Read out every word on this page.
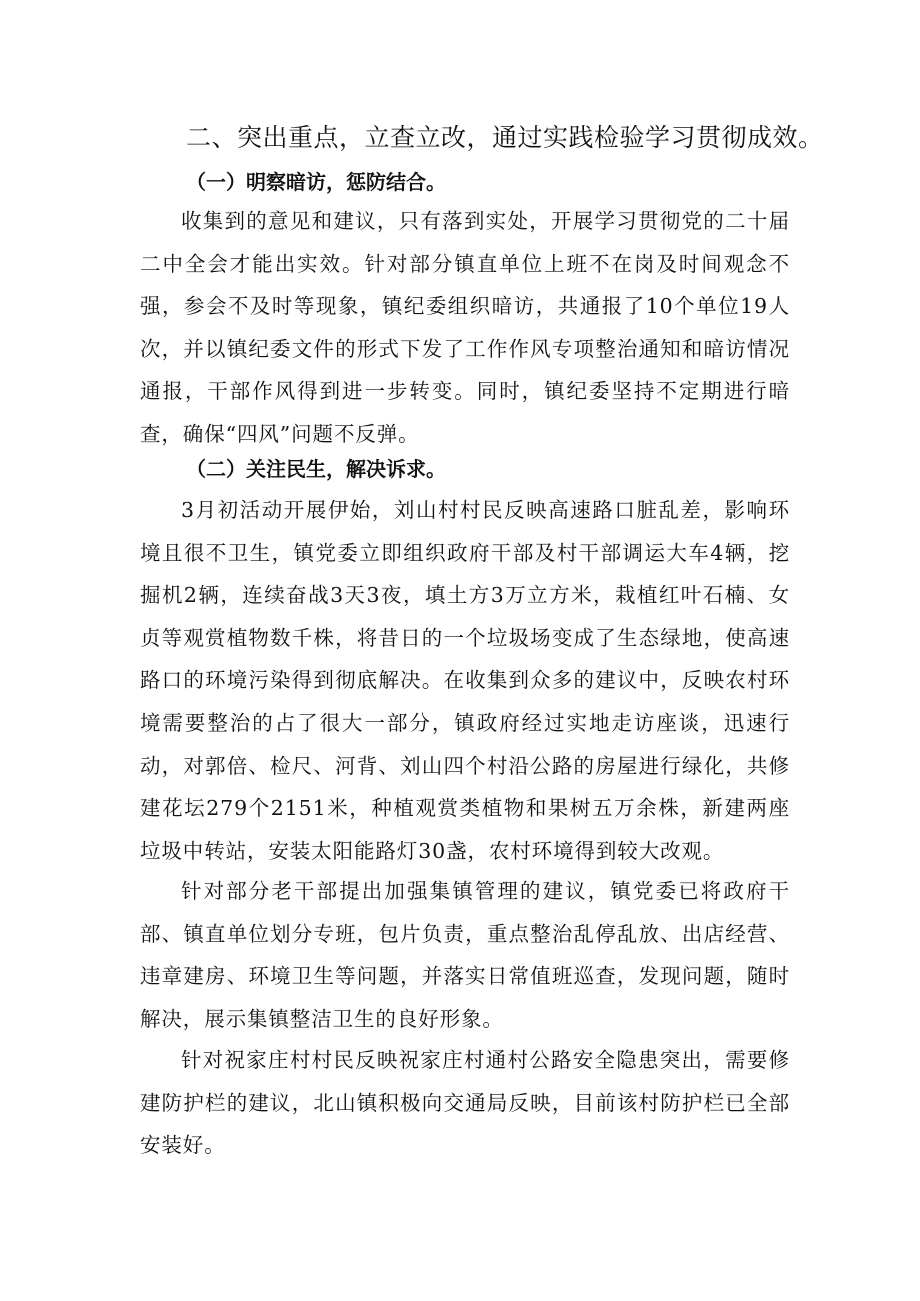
二、突出重点，立查立改，通过实践检验学习贯彻成效。
（一）明察暗访，惩防结合。

收集到的意见和建议，只有落到实处，开展学习贯彻党的二十届二中全会才能出实效。针对部分镇直单位上班不在岗及时间观念不强，参会不及时等现象，镇纪委组织暗访，共通报了10个单位19人次，并以镇纪委文件的形式下发了工作作风专项整治通知和暗访情况通报，干部作风得到进一步转变。同时，镇纪委坚持不定期进行暗查，确保“四风”问题不反弹。

（二）关注民生，解决诉求。

3月初活动开展伊始，刘山村村民反映高速路口脏乱差，影响环境且很不卫生，镇党委立即组织政府干部及村干部调运大车4辆，挖掘机2辆，连续奋战3天3夜，填土方3万立方米，栽植红叶石楠、女贞等观赏植物数千株，将昔日的一个垃圾场变成了生态绿地，使高速路口的环境污染得到彻底解决。在收集到众多的建议中，反映农村环境需要整治的占了很大一部分，镇政府经过实地走访座谈，迅速行动，对郭倍、检尺、河背、刘山四个村沿公路的房屋进行绿化，共修建花坛279个2151米，种植观赏类植物和果树五万余株，新建两座垃圾中转站，安装太阳能路灯30盏，农村环境得到较大改观。

针对部分老干部提出加强集镇管理的建议，镇党委已将政府干部、镇直单位划分专班，包片负责，重点整治乱停乱放、出店经营、违章建房、环境卫生等问题，并落实日常值班巡查，发现问题，随时解决，展示集镇整洁卫生的良好形象。

针对祝家庄村村民反映祝家庄村通村公路安全隐患突出，需要修建防护栏的建议，北山镇积极向交通局反映，目前该村防护栏已全部安装好。
